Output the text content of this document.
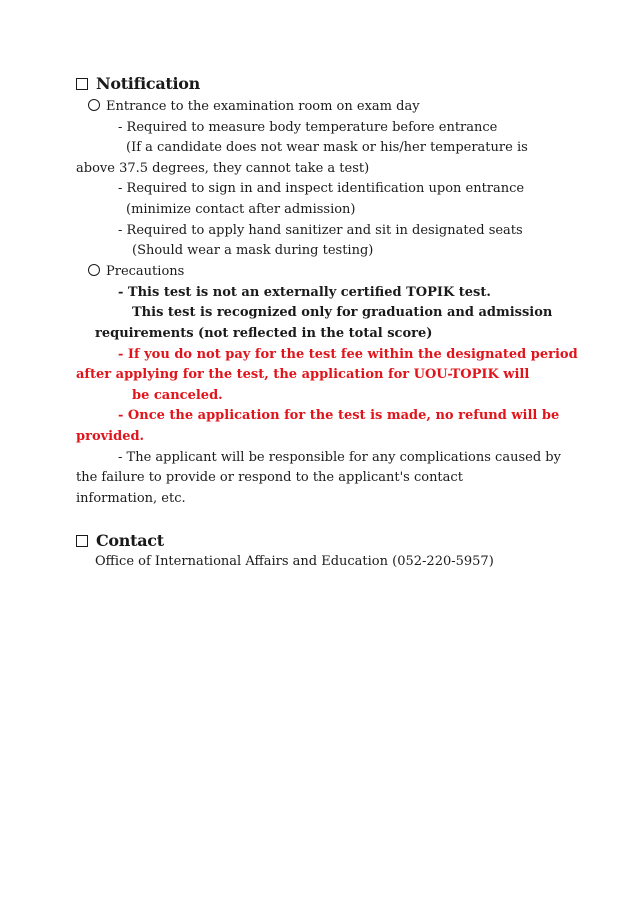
Notification
Entrance to the examination room on exam day
- Required to measure body temperature before entrance
(If a candidate does not wear mask or his/her temperature is
above 37.5 degrees, they cannot take a test)
- Required to sign in and inspect identification upon entrance
(minimize contact after admission)
- Required to apply hand sanitizer and sit in designated seats
(Should wear a mask during testing)
Precautions
- This test is not an externally certified TOPIK test.
This test is recognized only for graduation and admission
requirements (not reflected in the total score)
- If you do not pay for the test fee within the designated period
after applying for the test, the application for UOU-TOPIK will
be canceled.
- Once the application for the test is made, no refund will be
provided.
- The applicant will be responsible for any complications caused by
the failure to provide or respond to the applicant's contact
information, etc.
Contact
Office of International Affairs and Education (052-220-5957)
